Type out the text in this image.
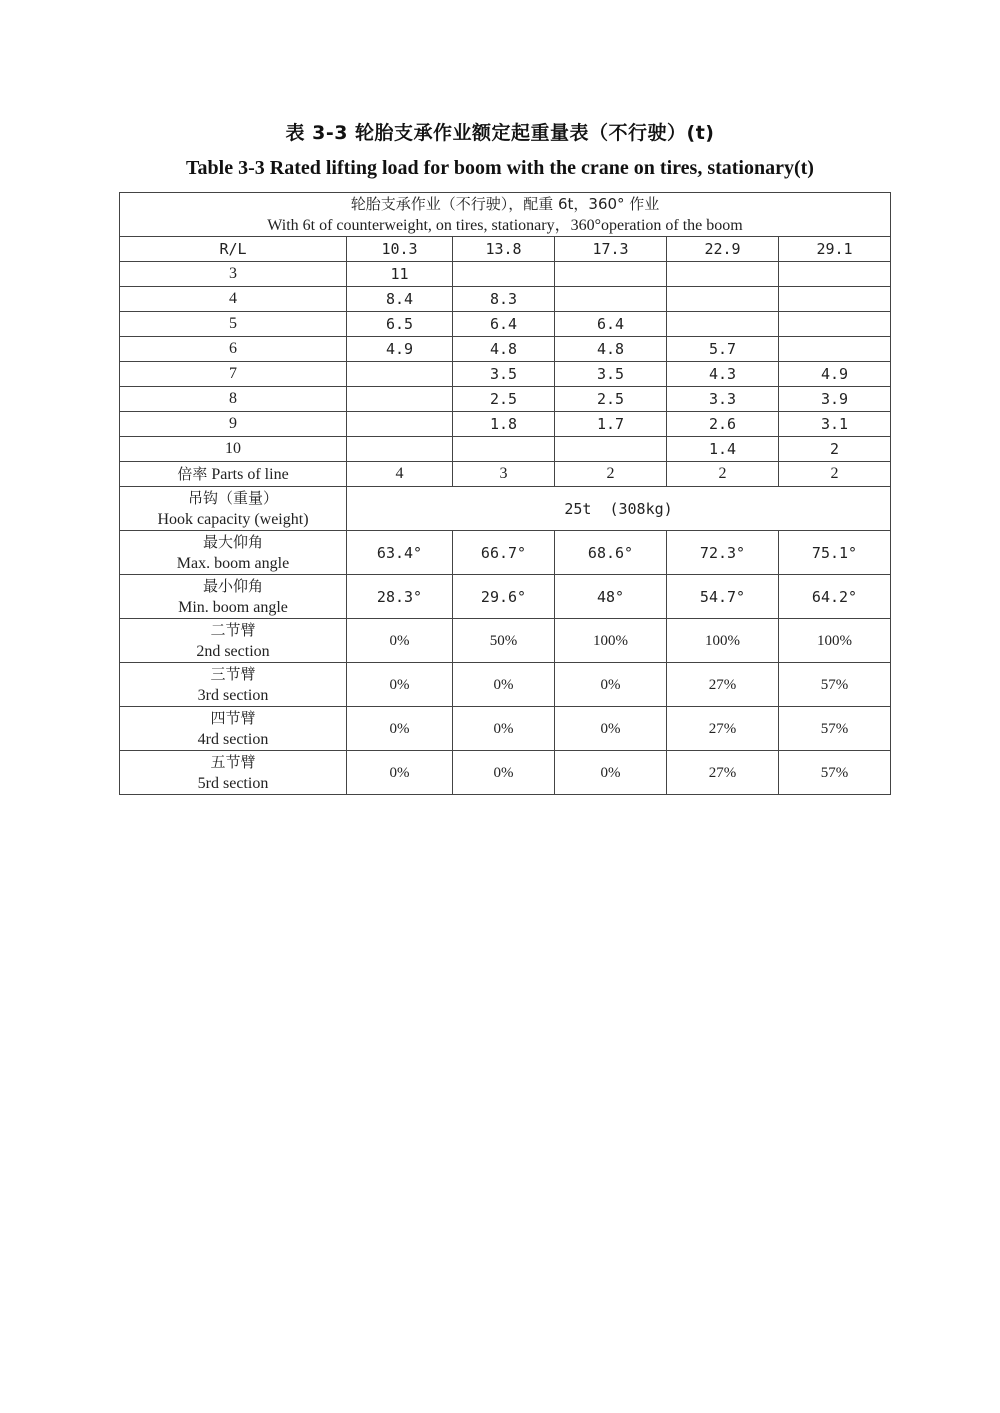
表 3-3 轮胎支承作业额定起重量表（不行驶）(t)
Table 3-3 Rated lifting load for boom with the crane on tires, stationary(t)
轮胎支承作业（不行驶），配重 6t，360° 作业
With 6t of counterweight, on tires, stationary，360°operation of the boom					

R/L	10.3	13.8	17.3	22.9	29.1
3	11				
4	8.4	8.3			
5	6.5	6.4	6.4		
6	4.9	4.8	4.8	5.7	
7		3.5	3.5	4.3	4.9
8		2.5	2.5	3.3	3.9
9		1.8	1.7	2.6	3.1
10				1.4	2
倍率 Parts of line	4	3	2	2	2

吊钩（重量）
Hook capacity (weight)	25t  (308kg)				

最大仰角
Max. boom angle	63.4°	66.7°	68.6°	72.3°	75.1°

最小仰角
Min. boom angle	28.3°	29.6°	48°	54.7°	64.2°

二节臂
2nd section	0%	50%	100%	100%	100%

三节臂
3rd section	0%	0%	0%	27%	57%

四节臂
4rd section	0%	0%	0%	27%	57%

五节臂
5rd section	0%	0%	0%	27%	57%
